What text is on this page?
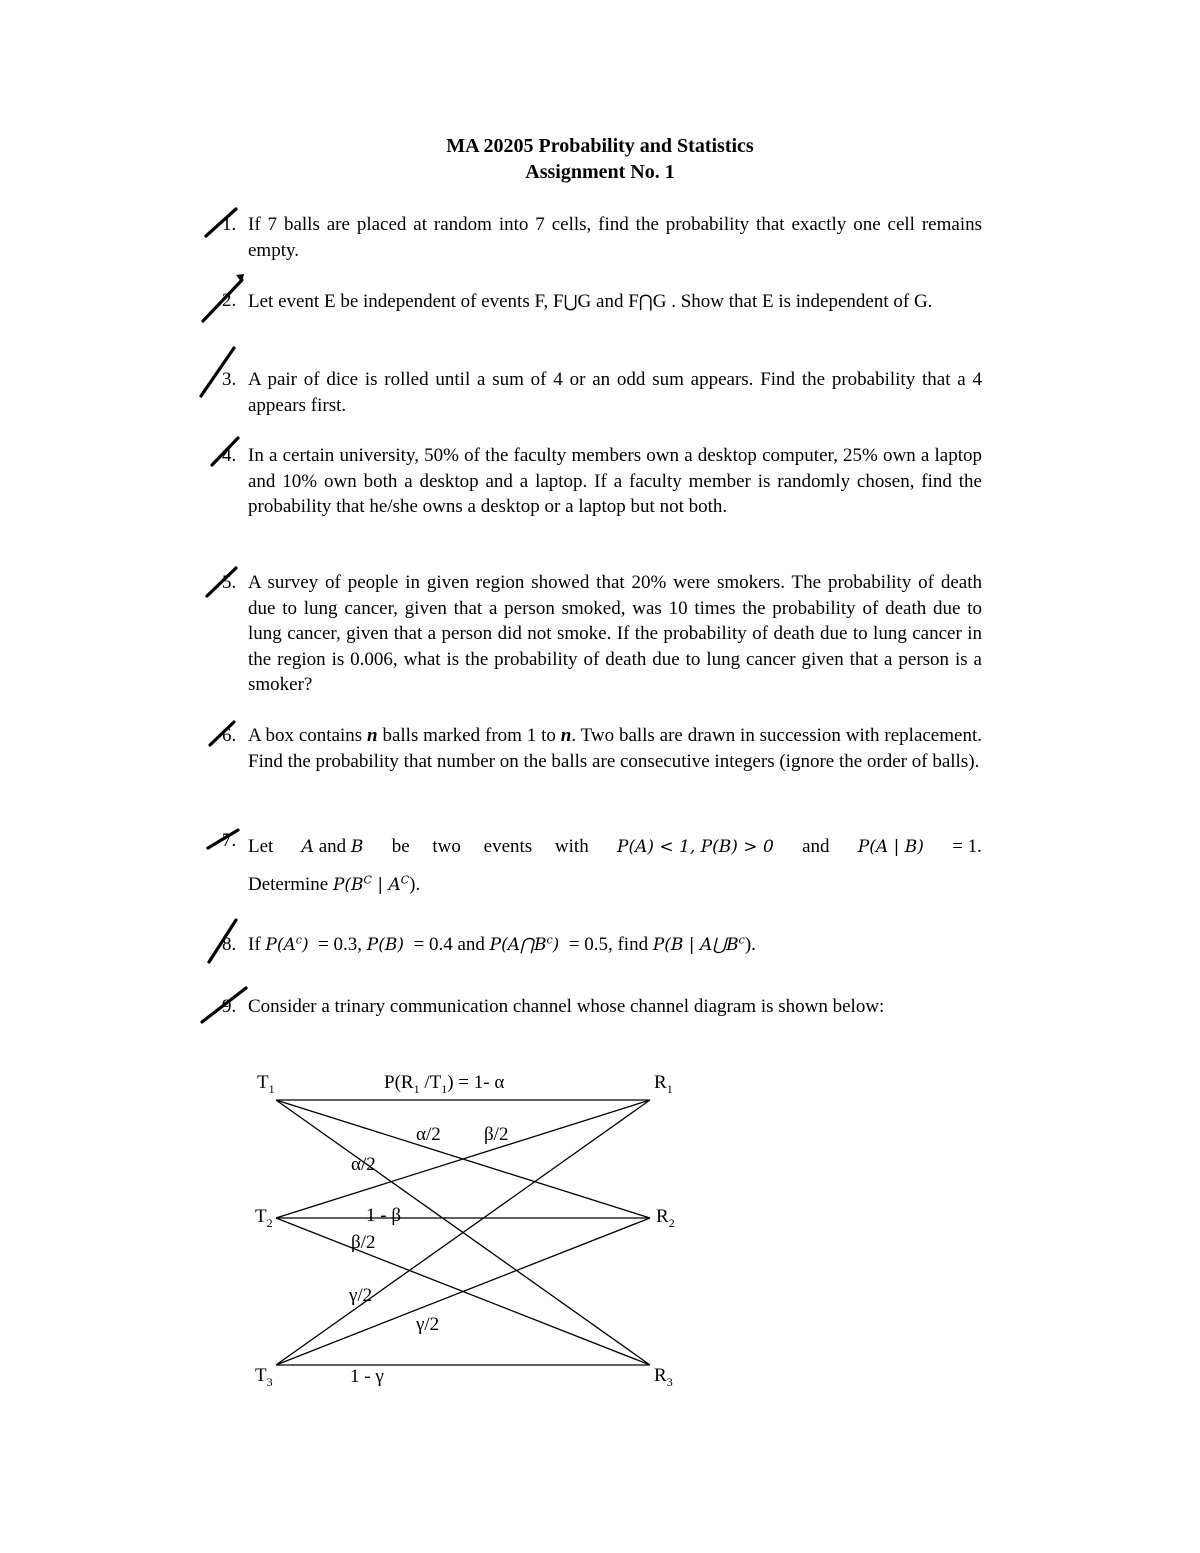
MA 20205 Probability and Statistics
Assignment No. 1
1.
2.
3.
4.
5.
6.
7.
8.
9.

If 7 balls are placed at random into 7 cells, find the probability that exactly one cell remains empty.

Let event E be independent of events F, F⋃G and F⋂G . Show that E is independent of G.

A pair of dice is rolled until a sum of 4 or an odd sum appears. Find the probability that a 4 appears first.

In a certain university, 50% of the faculty members own a desktop computer, 25% own a laptop and 10% own both a desktop and a laptop. If a faculty member is randomly chosen, find the probability that he/she owns a desktop or a laptop but not both.

A survey of people in given region showed that 20% were smokers. The probability of death due to lung cancer, given that a person smoked, was 10 times the probability of death due to lung cancer, given that a person did not smoke. If the probability of death due to lung cancer in the region is 0.006, what is the probability of death due to lung cancer given that a person is a smoker?

A box contains n balls marked from 1 to n. Two balls are drawn in succession with replacement. Find the probability that number on the balls are consecutive integers (ignore the order of balls).

Let A and B be two events with P(A) < 1, P(B) > 0 and P(A | B) = 1.
Determine $P(B^C$ | $A^C$).

If $P(A^c) = 0.3$, P(B) = 0.4 and $P(A⋂B^c) = 0.5$, find P(B | $A⋃B^c$).

Consider a trinary communication channel whose channel diagram is shown below:

$T_1$
$T_2$
$T_3$
$R_1$
$R_2$
$R_3$
$P(R_1$ $/T_1) = 1-$ α
α/2 β/2
α/2
1 - β
β/2
γ/2
γ/2
1 - γ
